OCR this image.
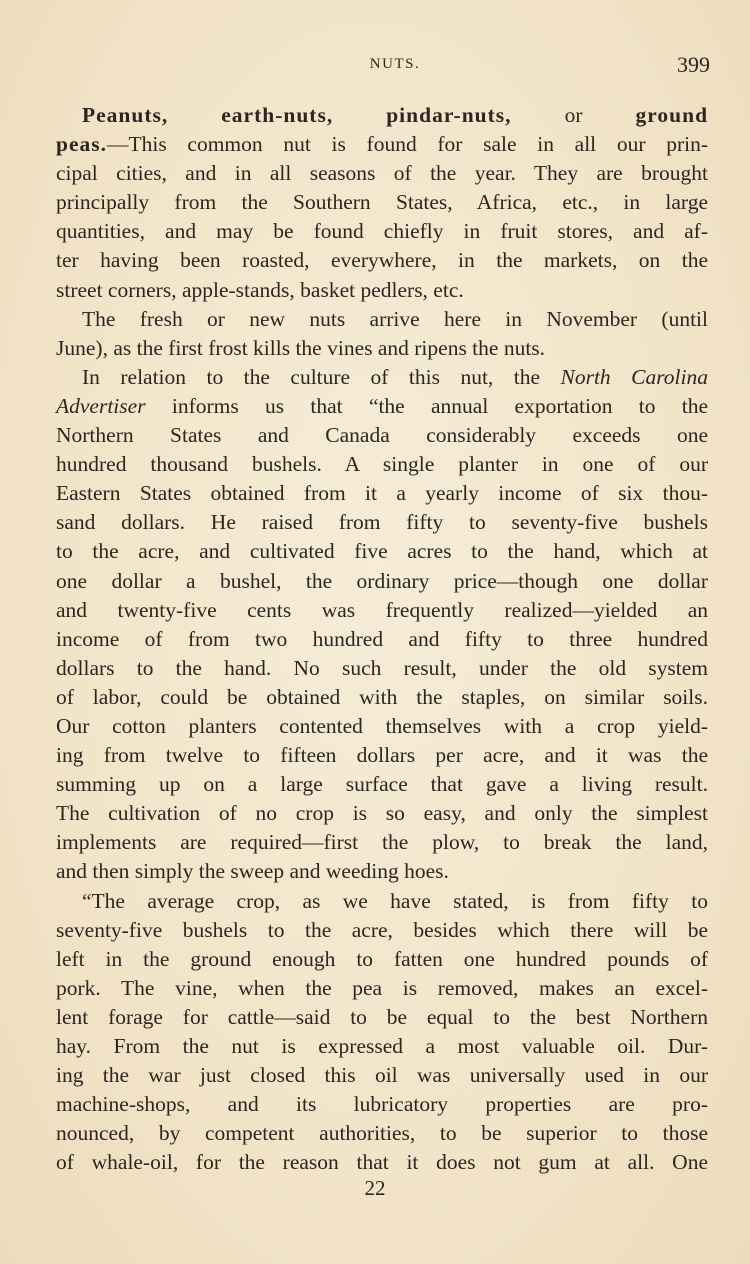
NUTS.	399
Peanuts, earth-nuts, pindar-nuts, or ground
peas.—This common nut is found for sale in all our prin-
cipal cities, and in all seasons of the year. They are brought
principally from the Southern States, Africa, etc., in large
quantities, and may be found chiefly in fruit stores, and af-
ter having been roasted, everywhere, in the markets, on the
street corners, apple-stands, basket pedlers, etc.
The fresh or new nuts arrive here in November (until
June), as the first frost kills the vines and ripens the nuts.
In relation to the culture of this nut, the North Carolina
Advertiser informs us that “the annual exportation to the
Northern States and Canada considerably exceeds one
hundred thousand bushels. A single planter in one of our
Eastern States obtained from it a yearly income of six thou-
sand dollars. He raised from fifty to seventy-five bushels
to the acre, and cultivated five acres to the hand, which at
one dollar a bushel, the ordinary price—though one dollar
and twenty-five cents was frequently realized—yielded an
income of from two hundred and fifty to three hundred
dollars to the hand. No such result, under the old system
of labor, could be obtained with the staples, on similar soils.
Our cotton planters contented themselves with a crop yield-
ing from twelve to fifteen dollars per acre, and it was the
summing up on a large surface that gave a living result.
The cultivation of no crop is so easy, and only the simplest
implements are required—first the plow, to break the land,
and then simply the sweep and weeding hoes.
“The average crop, as we have stated, is from fifty to
seventy-five bushels to the acre, besides which there will be
left in the ground enough to fatten one hundred pounds of
pork. The vine, when the pea is removed, makes an excel-
lent forage for cattle—said to be equal to the best Northern
hay. From the nut is expressed a most valuable oil. Dur-
ing the war just closed this oil was universally used in our
machine-shops, and its lubricatory properties are pro-
nounced, by competent authorities, to be superior to those
of whale-oil, for the reason that it does not gum at all. One
22
